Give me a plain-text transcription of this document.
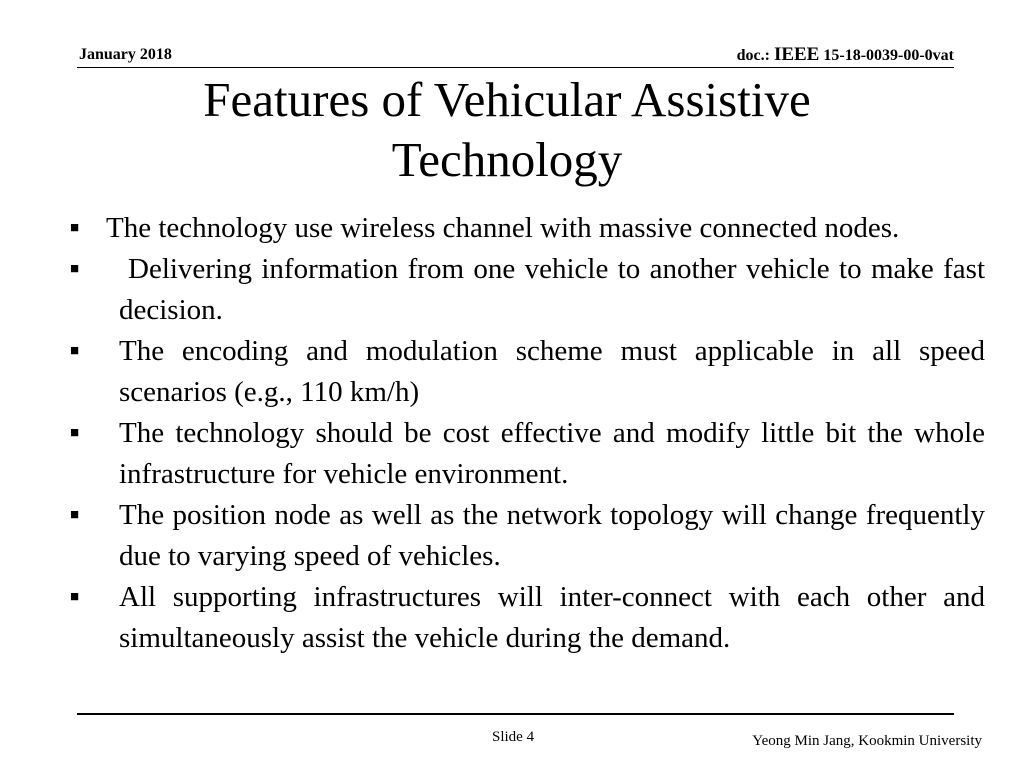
January 2018	doc.: IEEE 15-18-0039-00-0vat
Features of Vehicular Assistive Technology
■ The technology use wireless channel with massive connected nodes.
■	Delivering information from one vehicle to another vehicle to make fast decision.
■ The encoding and modulation scheme must applicable in all speed scenarios (e.g., 110 km/h)
■ The technology should be cost effective and modify little bit the whole infrastructure for vehicle environment.
■ The position node as well as the network topology will change frequently due to varying speed of vehicles.
■ All supporting infrastructures will inter-connect with each other and simultaneously assist the vehicle during the demand.
Slide 4	Yeong Min Jang, Kookmin University
